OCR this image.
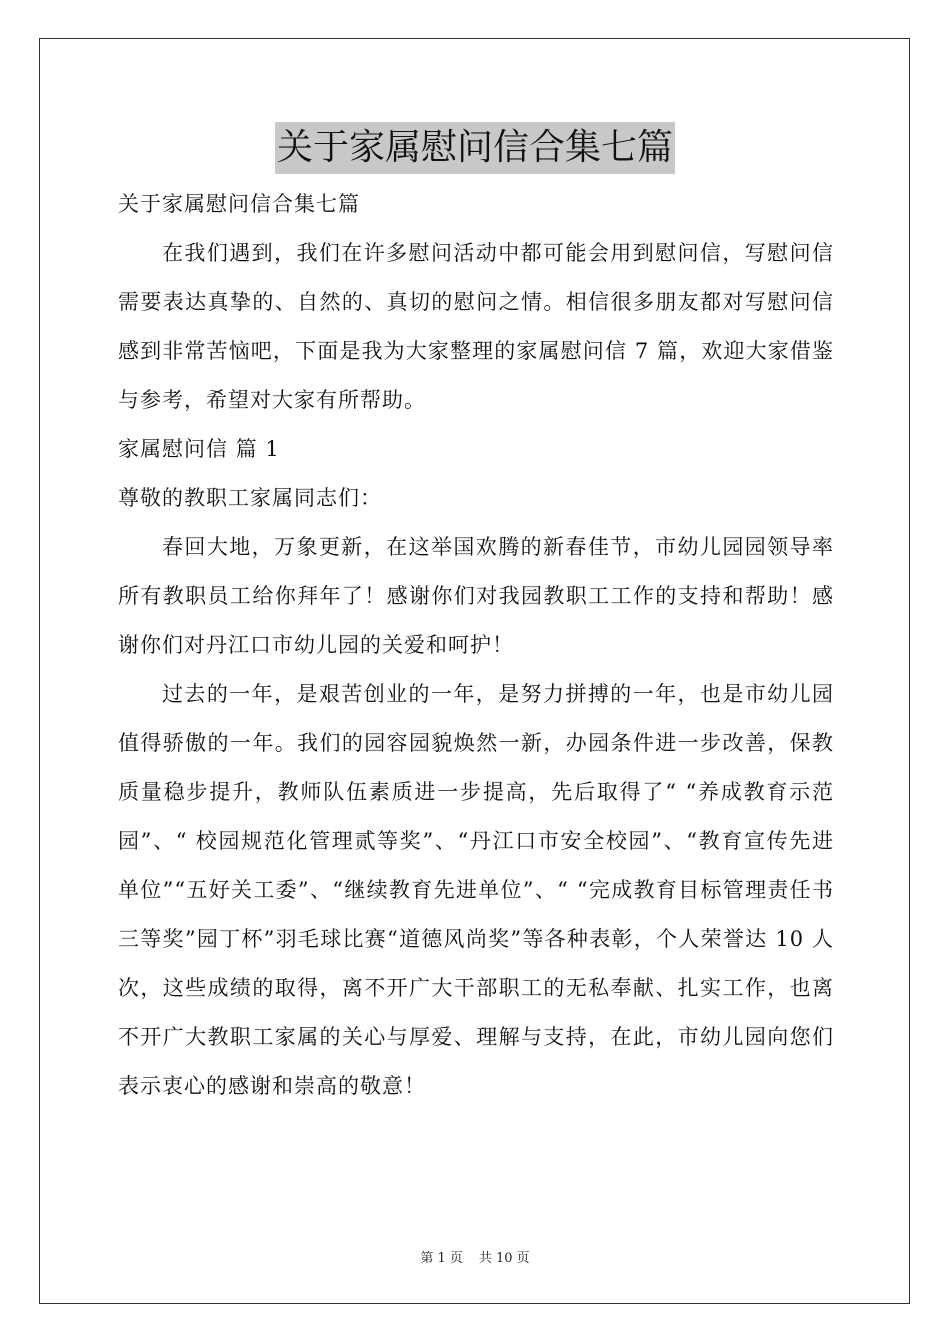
关于家属慰问信合集七篇

关于家属慰问信合集七篇

在我们遇到，我们在许多慰问活动中都可能会用到慰问信，写慰问信需要表达真挚的、自然的、真切的慰问之情。相信很多朋友都对写慰问信感到非常苦恼吧，下面是我为大家整理的家属慰问信 7 篇，欢迎大家借鉴与参考，希望对大家有所帮助。

家属慰问信 篇 1

尊敬的教职工家属同志们：

春回大地，万象更新，在这举国欢腾的新春佳节，市幼儿园园领导率所有教职员工给你拜年了！感谢你们对我园教职工工作的支持和帮助！感谢你们对丹江口市幼儿园的关爱和呵护！

过去的一年，是艰苦创业的一年，是努力拼搏的一年，也是市幼儿园值得骄傲的一年。我们的园容园貌焕然一新，办园条件进一步改善，保教质量稳步提升，教师队伍素质进一步提高，先后取得了“ “养成教育示范园”、“ 校园规范化管理贰等奖”、“丹江口市安全校园”、“教育宣传先进单位”“五好关工委”、“继续教育先进单位”、“ “完成教育目标管理责任书三等奖”园丁杯”羽毛球比赛“道德风尚奖”等各种表彰，个人荣誉达 10 人次，这些成绩的取得，离不开广大干部职工的无私奉献、扎实工作，也离不开广大教职工家属的关心与厚爱、理解与支持，在此，市幼儿园向您们表示衷心的感谢和崇高的敬意！

第 1 页 共 10 页
